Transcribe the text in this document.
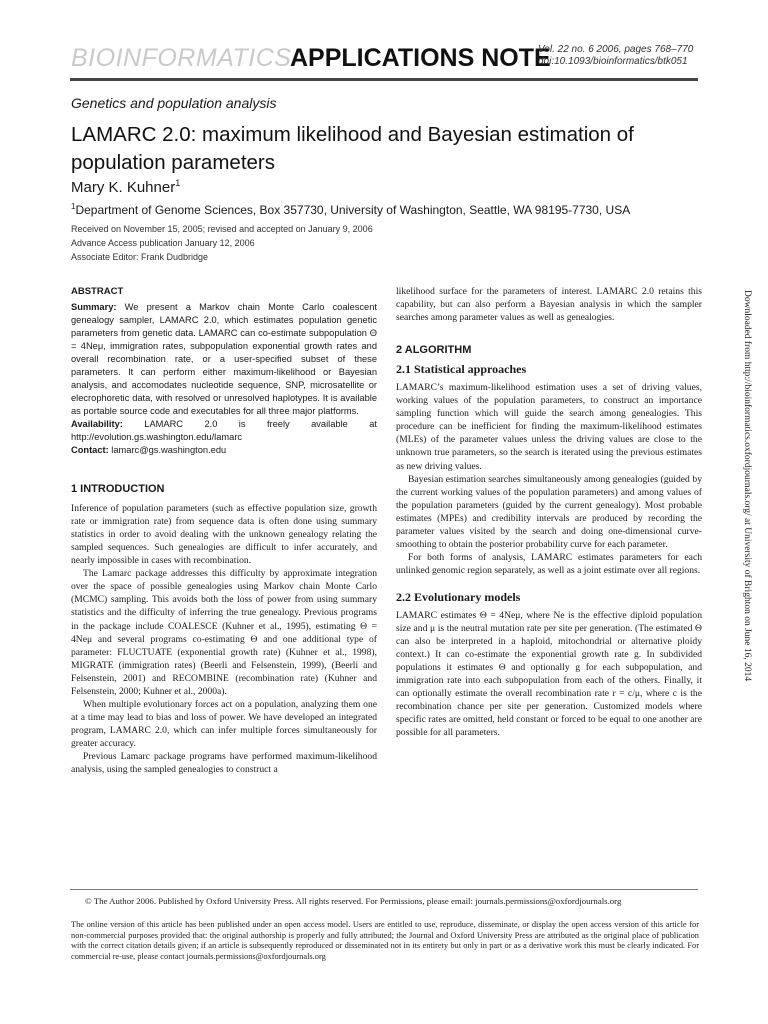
BIOINFORMATICS
APPLICATIONS NOTE
Vol. 22 no. 6 2006, pages 768–770
doi:10.1093/bioinformatics/btk051
Genetics and population analysis
LAMARC 2.0: maximum likelihood and Bayesian estimation of population parameters
Mary K. Kuhner$^1$
$^1$Department of Genome Sciences, Box 357730, University of Washington, Seattle, WA 98195-7730, USA
Received on November 15, 2005; revised and accepted on January 9, 2006
Advance Access publication January 12, 2006
Associate Editor: Frank Dudbridge
ABSTRACT

Summary: We present a Markov chain Monte Carlo coalescent genealogy sampler, LAMARC 2.0, which estimates population genetic parameters from genetic data. LAMARC can co-estimate subpopulation Θ = 4Neμ, immigration rates, subpopulation exponential growth rates and overall recombination rate, or a user-specified subset of these parameters. It can perform either maximum-likelihood or Bayesian analysis, and accomodates nucleotide sequence, SNP, microsatellite or elecrophoretic data, with resolved or unresolved haplotypes. It is available as portable source code and executables for all three major platforms.

Availability: LAMARC 2.0 is freely available at http://evolution.gs.washington.edu/lamarc

Contact: lamarc@gs.washington.edu

1 INTRODUCTION

Inference of population parameters (such as effective population size, growth rate or immigration rate) from sequence data is often done using summary statistics in order to avoid dealing with the unknown genealogy relating the sampled sequences. Such genealogies are difficult to infer accurately, and nearly impossible in cases with recombination.

The Lamarc package addresses this difficulty by approximate integration over the space of possible genealogies using Markov chain Monte Carlo (MCMC) sampling. This avoids both the loss of power from using summary statistics and the difficulty of inferring the true genealogy. Previous programs in the package include COALESCE (Kuhner et al., 1995), estimating Θ = 4Neμ and several programs co-estimating Θ and one additional type of parameter: FLUCTUATE (exponential growth rate) (Kuhner et al., 1998), MIGRATE (immigration rates) (Beerli and Felsenstein, 1999), (Beerli and Felsenstein, 2001) and RECOMBINE (recombination rate) (Kuhner and Felsenstein, 2000; Kuhner et al., 2000a).

When multiple evolutionary forces act on a population, analyzing them one at a time may lead to bias and loss of power. We have developed an integrated program, LAMARC 2.0, which can infer multiple forces simultaneously for greater accuracy.

Previous Lamarc package programs have performed maximum-likelihood analysis, using the sampled genealogies to construct a

likelihood surface for the parameters of interest. LAMARC 2.0 retains this capability, but can also perform a Bayesian analysis in which the sampler searches among parameter values as well as genealogies.

2 ALGORITHM
2.1 Statistical approaches

LAMARC’s maximum-likelihood estimation uses a set of driving values, working values of the population parameters, to construct an importance sampling function which will guide the search among genealogies. This procedure can be inefficient for finding the maximum-likelihood estimates (MLEs) of the parameter values unless the driving values are close to the unknown true parameters, so the search is iterated using the previous estimates as new driving values.

Bayesian estimation searches simultaneously among genealogies (guided by the current working values of the population parameters) and among values of the population parameters (guided by the current genealogy). Most probable estimates (MPEs) and credibility intervals are produced by recording the parameter values visited by the search and doing one-dimensional curve-smoothing to obtain the posterior probability curve for each parameter.

For both forms of analysis, LAMARC estimates parameters for each unlinked genomic region separately, as well as a joint estimate over all regions.

2.2 Evolutionary models

LAMARC estimates Θ = 4Neμ, where Ne is the effective diploid population size and μ is the neutral mutation rate per site per generation. (The estimated Θ can also be interpreted in a haploid, mitochondrial or alternative ploidy context.) It can co-estimate the exponential growth rate g. In subdivided populations it estimates Θ and optionally g for each subpopulation, and immigration rate into each subpopulation from each of the others. Finally, it can optionally estimate the overall recombination rate r = c/μ, where c is the recombination chance per site per generation. Customized models where specific rates are omitted, held constant or forced to be equal to one another are possible for all parameters.

Downloaded from http://bioinformatics.oxfordjournals.org/ at University of Brighton on June 16, 2014
© The Author 2006. Published by Oxford University Press. All rights reserved. For Permissions, please email: journals.permissions@oxfordjournals.org
The online version of this article has been published under an open access model. Users are entitled to use, reproduce, disseminate, or display the open access version of this article for non-commercial purposes provided that: the original authorship is properly and fully attributed; the Journal and Oxford University Press are attributed as the original place of publication with the correct citation details given; if an article is subsequently reproduced or disseminated not in its entirety but only in part or as a derivative work this must be clearly indicated. For commercial re-use, please contact journals.permissions@oxfordjournals.org
